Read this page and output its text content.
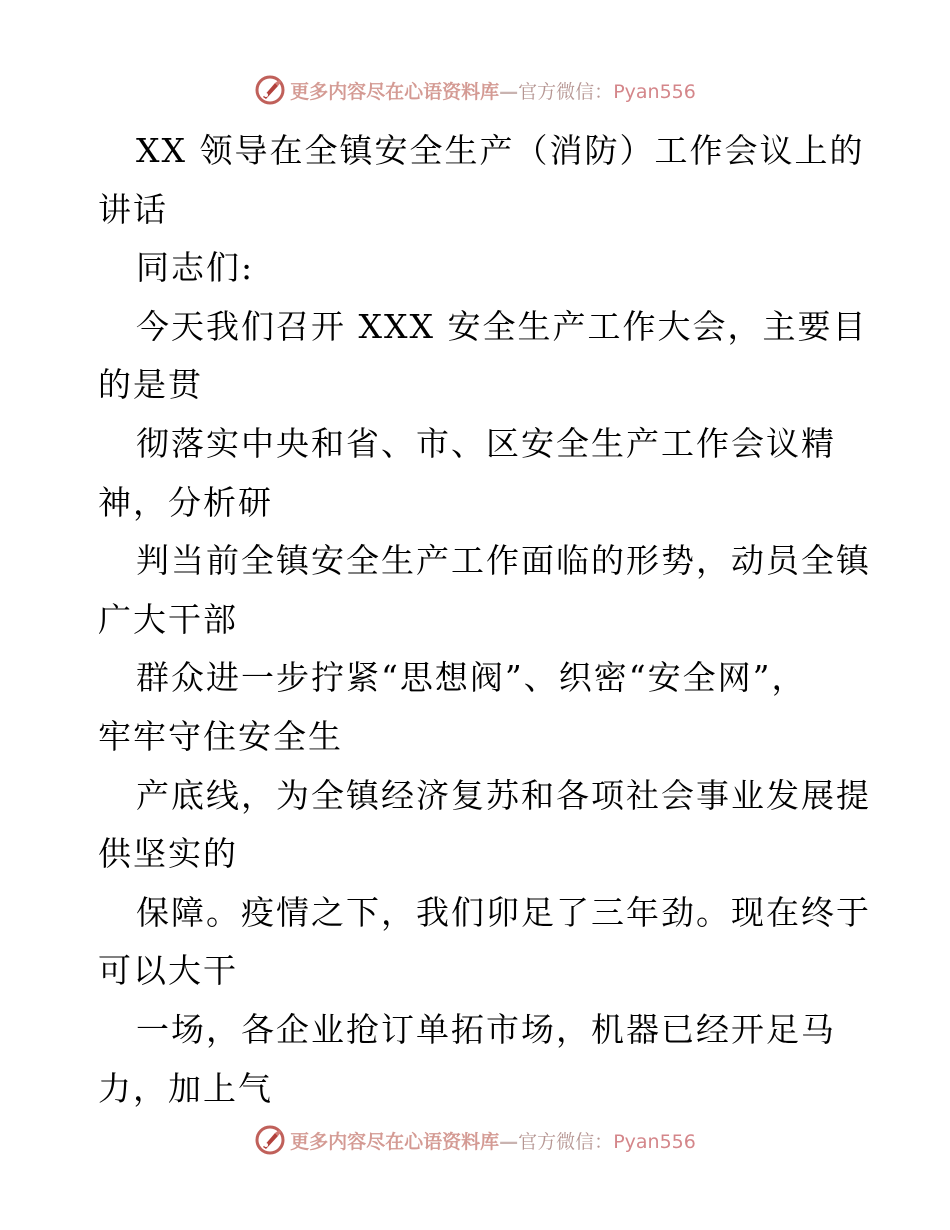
更多内容尽在心语资料库—官方微信：Pyan556
XX 领导在全镇安全生产（消防）工作会议上的
讲话
同志们:
今天我们召开 XXX 安全生产工作大会，主要目
的是贯
彻落实中央和省、市、区安全生产工作会议精
神，分析研
判当前全镇安全生产工作面临的形势，动员全镇
广大干部
群众进一步拧紧“思想阀”、织密“安全网”，
牢牢守住安全生
产底线，为全镇经济复苏和各项社会事业发展提
供坚实的
保障。疫情之下，我们卯足了三年劲。现在终于
可以大干
一场，各企业抢订单拓市场，机器已经开足马
力，加上气
更多内容尽在心语资料库—官方微信：Pyan556
